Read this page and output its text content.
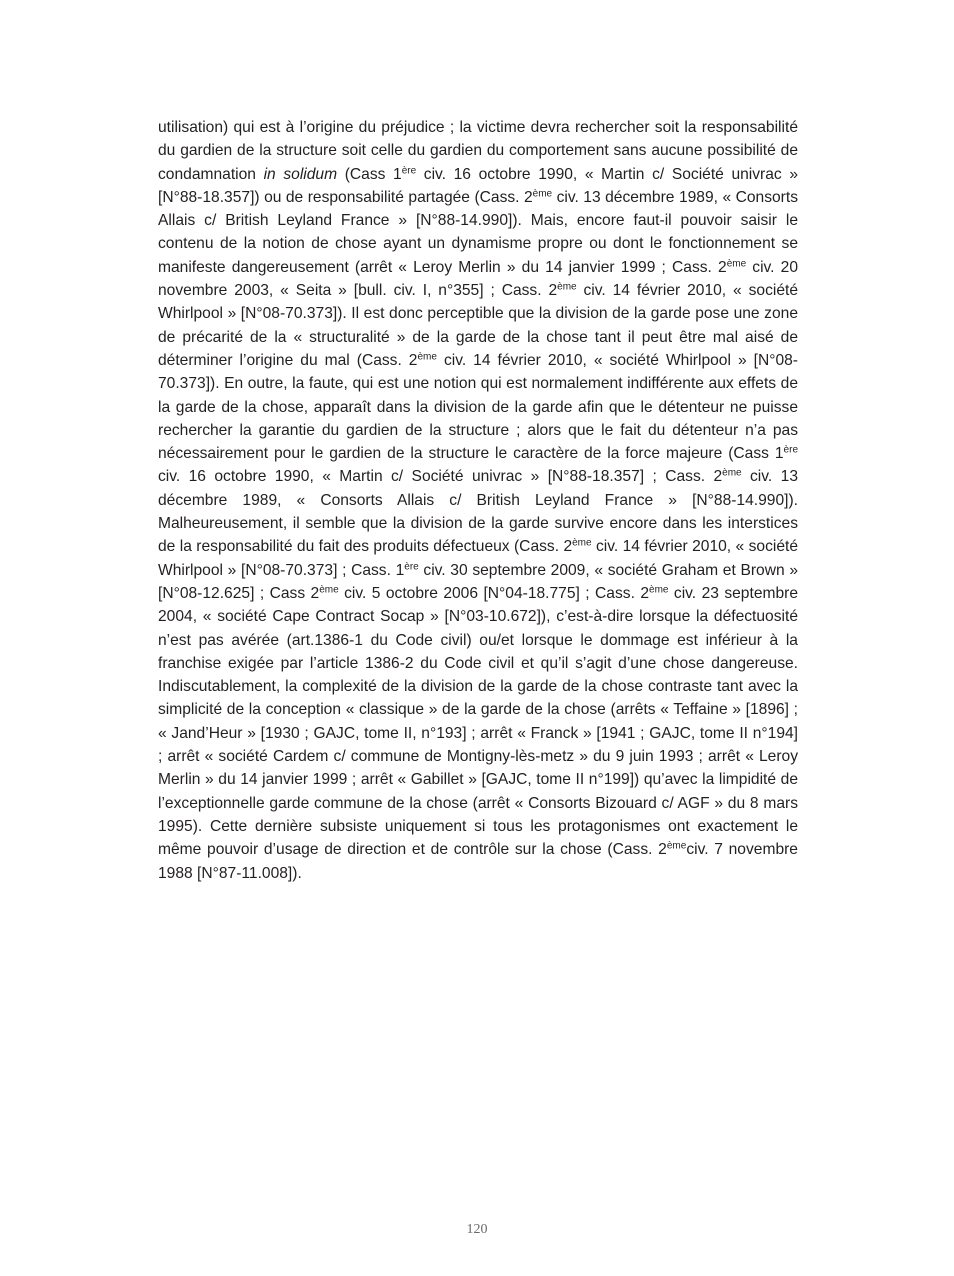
utilisation) qui est à l’origine du préjudice ; la victime devra rechercher soit la responsabilité du gardien de la structure soit celle du gardien du comportement sans aucune possibilité de condamnation in solidum (Cass 1ère civ. 16 octobre 1990, « Martin c/ Société univrac » [N°88-18.357]) ou de responsabilité partagée (Cass. 2ème civ. 13 décembre 1989, « Consorts Allais c/ British Leyland France » [N°88-14.990]). Mais, encore faut-il pouvoir saisir le contenu de la notion de chose ayant un dynamisme propre ou dont le fonctionnement se manifeste dangereusement (arrêt « Leroy Merlin » du 14 janvier 1999 ; Cass. 2ème civ. 20 novembre 2003, « Seita » [bull. civ. I, n°355] ; Cass. 2ème civ. 14 février 2010, « société Whirlpool » [N°08-70.373]). Il est donc perceptible que la division de la garde pose une zone de précarité de la « structuralité » de la garde de la chose tant il peut être mal aisé de déterminer l’origine du mal (Cass. 2ème civ. 14 février 2010, « société Whirlpool » [N°08-70.373]). En outre, la faute, qui est une notion qui est normalement indifférente aux effets de la garde de la chose, apparaît dans la division de la garde afin que le détenteur ne puisse rechercher la garantie du gardien de la structure ; alors que le fait du détenteur n’a pas nécessairement pour le gardien de la structure le caractère de la force majeure (Cass 1ère civ. 16 octobre 1990, « Martin c/ Société univrac » [N°88-18.357] ; Cass. 2ème civ. 13 décembre 1989, « Consorts Allais c/ British Leyland France » [N°88-14.990]). Malheureusement, il semble que la division de la garde survive encore dans les interstices de la responsabilité du fait des produits défectueux (Cass. 2ème civ. 14 février 2010, « société Whirlpool » [N°08-70.373] ; Cass. 1ère civ. 30 septembre 2009, « société Graham et Brown » [N°08-12.625] ; Cass 2ème civ. 5 octobre 2006 [N°04-18.775] ; Cass. 2ème civ. 23 septembre 2004, « société Cape Contract Socap » [N°03-10.672]), c’est-à-dire lorsque la défectuosité n’est pas avérée (art.1386-1 du Code civil) ou/et lorsque le dommage est inférieur à la franchise exigée par l’article 1386-2 du Code civil et qu’il s’agit d’une chose dangereuse. Indiscutablement, la complexité de la division de la garde de la chose contraste tant avec la simplicité de la conception « classique » de la garde de la chose (arrêts « Teffaine » [1896] ; « Jand’Heur » [1930 ; GAJC, tome II, n°193] ; arrêt « Franck » [1941 ; GAJC, tome II n°194] ; arrêt « société Cardem c/ commune de Montigny-lès-metz » du 9 juin 1993 ; arrêt « Leroy Merlin » du 14 janvier 1999 ; arrêt « Gabillet » [GAJC, tome II n°199]) qu’avec la limpidité de l’exceptionnelle garde commune de la chose (arrêt « Consorts Bizouard c/ AGF » du 8 mars 1995). Cette dernière subsiste uniquement si tous les protagonismes ont exactement le même pouvoir d’usage de direction et de contrôle sur la chose (Cass. 2èmeciv. 7 novembre 1988 [N°87-11.008]).

120
